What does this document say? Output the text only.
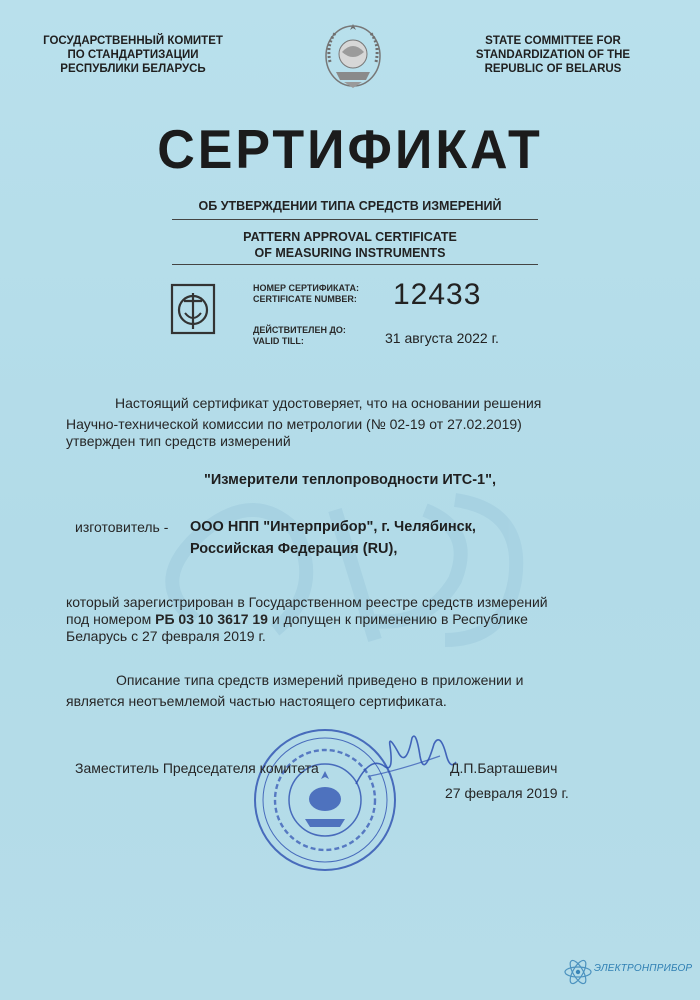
ГОСУДАРСТВЕННЫЙ КОМИТЕТ
ПО СТАНДАРТИЗАЦИИ
РЕСПУБЛИКИ БЕЛАРУСЬ
STATE COMMITTEE FOR
STANDARDIZATION OF THE
REPUBLIC OF BELARUS
СЕРТИФИКАТ
ОБ УТВЕРЖДЕНИИ ТИПА СРЕДСТВ ИЗМЕРЕНИЙ
PATTERN APPROVAL CERTIFICATE
OF MEASURING INSTRUMENTS
НОМЕР СЕРТИФИКАТА:
CERTIFICATE NUMBER: 12433
ДЕЙСТВИТЕЛЕН ДО:
VALID TILL:	31 августа 2022 г.
Настоящий сертификат удостоверяет, что на основании решения
Научно-технической комиссии по метрологии (№ 02-19 от 27.02.2019)
утвержден тип средств измерений
"Измерители теплопроводности ИТС-1",
изготовитель - ООО НПП "Интерприбор", г. Челябинск,
Российская Федерация (RU),
который зарегистрирован в Государственном реестре средств измерений
под номером РБ 03 10 3617 19 и допущен к применению в Республике
Беларусь с 27 февраля 2019 г.
Описание типа средств измерений приведено в приложении и
является неотъемлемой частью настоящего сертификата.
Заместитель Председателя комитета	Д.П.Барташевич
27 февраля 2019 г.
ЭЛЕКТРОНПРИБОР
